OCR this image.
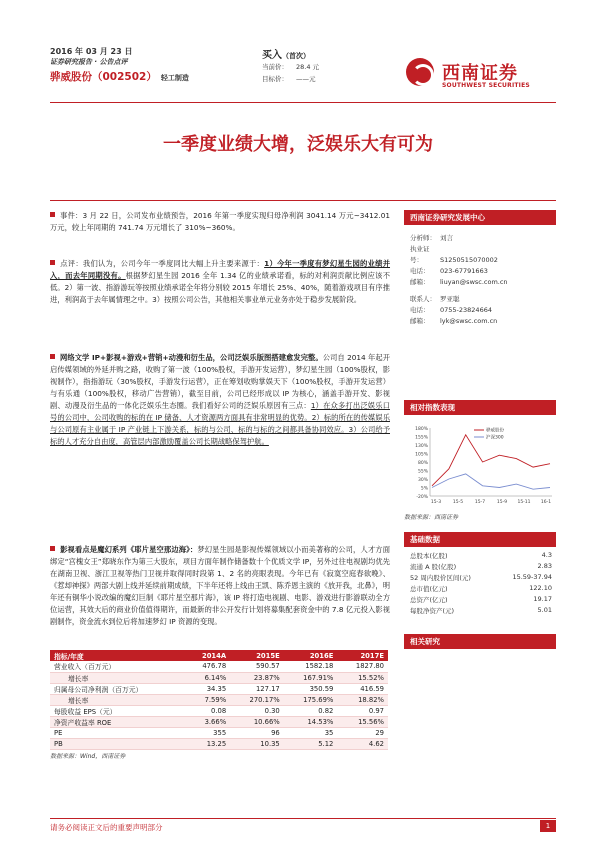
2016 年 03 月 23 日
证券研究报告 · 公告点评
骅威股份（002502） 轻工制造
买入（首次）
当前价： 28.4 元
目标价： ——元	西南证券
SOUTHWEST SECURITIES
一季度业绩大增，泛娱乐大有可为
事件：3 月 22 日，公司发布业绩预告，2016 年第一季度实现归母净利润 3041.14 万元~3412.01 万元，较上年同期的 741.74 万元增长了 310%~360%。
点评：我们认为，公司今年一季度同比大幅上升主要来源于：1）今年一季度有梦幻星生园的业绩并入，而去年同期没有。根据梦幻星生园 2016 全年 1.34 亿的业绩承诺看，标的对利润贡献比例应该不低。2）第一波、指游游玩等按照业绩承诺全年将分别较 2015 年增长 25%、40%，随着游戏项目有序推进，利润高于去年属情理之中。3）按照公司公告，其他相关事业单元业务亦处于稳步发展阶段。
网络文学 IP+影视+游戏+营销+动漫和衍生品，公司泛娱乐版图搭建愈发完整。公司自 2014 年起开启传媒领域的外延并购之路，收购了第一波（100%股权，手游开发运营），梦幻星生园（100%股权，影视制作），指指游玩（30%股权，手游发行运营），正在筹划收购掌娱天下（100%股权，手游开发运营）与有乐通（100%股权，移动广告营销），截至目前，公司已经形成以 IP 为核心，涵盖手游开发、影视剧、动漫及衍生品的一体化泛娱乐生态圈。我们看好公司的泛娱乐原因有三点：1）在众多打出泛娱乐口号的公司中，公司收购的标的在 IP 储备、人才资源两方面具有非常明显的优势。2）标的所在的传媒娱乐与公司原有主业属于 IP 产业链上下游关系，标的与公司、标的与标的之间都具备协同效应。3）公司给予标的人才充分自由度，高管层内部激励覆盖公司长期战略保驾护航。
影视看点是魔幻系列《耶片星空那边海》：梦幻星生园是影视传媒领域以小而美著称的公司，人才方面绑定“宫槐女王”郑晓东作为第三大股东，项目方面年制作储备数十个优质文学 IP，另外过往电视剧均优先在湖南卫视、浙江卫视等热门卫视并取得同时段第 1、2 名的亮眼表现。今年已有《寂寞空庭春欲晚》、《惹却神探》两部大剧上线并延续前期成绩，下半年还将上线由王凯、陈乔恩主演的《放开我，北鼻》，明年还有铜华小说改编的魔幻巨制《耶片星空那片海》，该 IP 将打造电视剧、电影、游戏进行影游联动全方位运营，其效大后的商业价值值得期许，而最新的非公开发行计划将募集配套资金中的 7.8 亿元投入影视剧制作，资金流水到位后将加速梦幻 IP 资源的变现。
指标/年度	2014A	2015E	2016E	2017E
营业收入（百万元）	476.78	590.57	1582.18	1827.80
增长率	6.14%	23.87%	167.91%	15.52%
归属母公司净利润（百万元）	34.35	127.17	350.59	416.59
增长率	7.59%	270.17%	175.69%	18.82%
每股收益 EPS（元）	0.08	0.30	0.82	0.97
净资产收益率 ROE	3.66%	10.66%	14.53%	15.56%
PE	355	96	35	29
PB	13.25	10.35	5.12	4.62
数据来源：Wind，西南证券
西南证券研究发展中心
分析师： 刘言
执业证号：	S1250515070002
电话： 023-67791663
邮箱： liuyan@swsc.com.cn
联系人： 罗亚聪
电话： 0755-23824664
邮箱： lyk@swsc.com.cn
相对指数表现
180%
155%
130%
105%
80%
55%
30%
5%
-20%
15-3	15-5	15-7	15-9 15-11 16-1
骅威股份
沪深300
数据来源：西南证券
基础数据
总股本(亿股)	4.3
流通 A 股(亿股)	2.83
52 周内股价区间(元)	15.59-37.94
总市值(亿元)	122.10
总资产(亿元)	19.17
每股净资产(元)	5.01
相关研究
请务必阅读正文后的重要声明部分	1
